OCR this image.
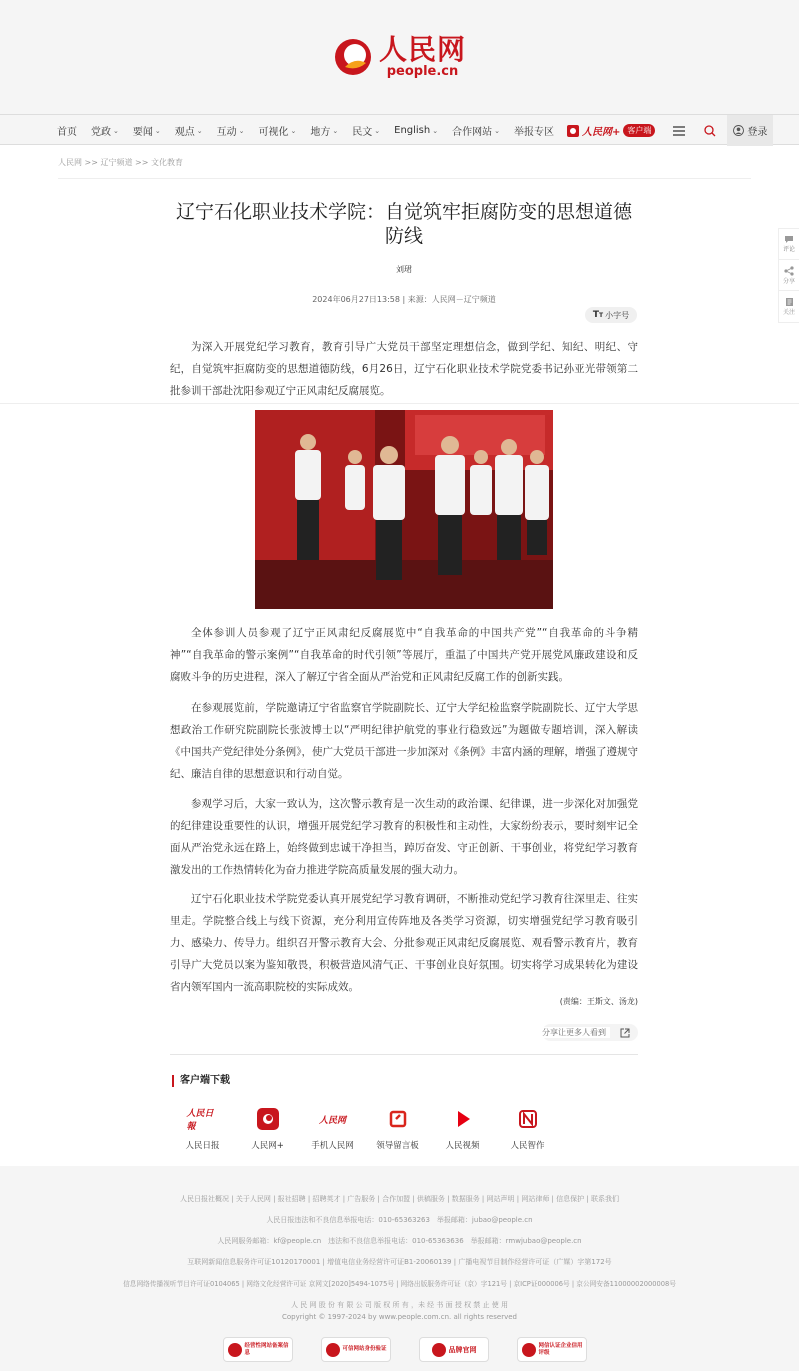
人民网
people.cn
首页 党政 ⌄ 要闻 ⌄ 观点 ⌄ 互动 ⌄ 可视化 ⌄ 地方 ⌄ 民文 ⌄ English ⌄ 合作网站 ⌄ 举报专区	人民网+ 客户端	登录
人民网 >> 辽宁频道 >> 文化教育
评论
分享
关注
辽宁石化职业技术学院：自觉筑牢拒腐防变的思想道德防线
刘珺
2024年06月27日13:58 | 来源：人民网－辽宁频道
TT 小字号

为深入开展党纪学习教育，教育引导广大党员干部坚定理想信念，做到学纪、知纪、明纪、守纪，自觉筑牢拒腐防变的思想道德防线，6月26日，辽宁石化职业技术学院党委书记孙亚光带领第二批参训干部赴沈阳参观辽宁正风肃纪反腐展览。

全体参训人员参观了辽宁正风肃纪反腐展览中“自我革命的中国共产党”“自我革命的斗争精神”“自我革命的警示案例”“自我革命的时代引领”等展厅，重温了中国共产党开展党风廉政建设和反腐败斗争的历史进程，深入了解辽宁省全面从严治党和正风肃纪反腐工作的创新实践。

在参观展览前，学院邀请辽宁省监察官学院副院长、辽宁大学纪检监察学院副院长、辽宁大学思想政治工作研究院副院长张波博士以“严明纪律护航党的事业行稳致远”为题做专题培训，深入解读《中国共产党纪律处分条例》，使广大党员干部进一步加深对《条例》丰富内涵的理解，增强了遵规守纪、廉洁自律的思想意识和行动自觉。

参观学习后，大家一致认为，这次警示教育是一次生动的政治课、纪律课，进一步深化对加强党的纪律建设重要性的认识，增强开展党纪学习教育的积极性和主动性，大家纷纷表示，要时刻牢记全面从严治党永远在路上，始终做到忠诚干净担当，踔厉奋发、守正创新、干事创业，将党纪学习教育激发出的工作热情转化为奋力推进学院高质量发展的强大动力。

辽宁石化职业技术学院党委认真开展党纪学习教育调研，不断推动党纪学习教育往深里走、往实里走。学院整合线上与线下资源，充分利用宣传阵地及各类学习资源，切实增强党纪学习教育吸引力、感染力、传导力。组织召开警示教育大会、分批参观正风肃纪反腐展览、观看警示教育片，教育引导广大党员以案为鉴知敬畏，积极营造风清气正、干事创业良好氛围。切实将学习成果转化为建设省内领军国内一流高职院校的实际成效。

(责编：王斯文、汤龙)
分享让更多人看到
客户端下载
人民日報
人民日报	人民网+
人民网
手机人民网	领导留言板	人民视频	人民智作
人民日报社概况 | 关于人民网 | 报社招聘 | 招聘英才 | 广告服务 | 合作加盟 | 供稿服务 | 数据服务 | 网站声明 | 网站律师 | 信息保护 | 联系我们
人民日报违法和不良信息举报电话：010-65363263　举报邮箱：jubao@people.cn
人民网服务邮箱：kf@people.cn　违法和不良信息举报电话：010-65363636　举报邮箱：rmwjubao@people.cn
互联网新闻信息服务许可证10120170001 | 增值电信业务经营许可证B1-20060139 | 广播电视节目制作经营许可证（广媒）字第172号
信息网络传播视听节目许可证0104065 | 网络文化经营许可证 京网文[2020]5494-1075号 | 网络出版服务许可证（京）字121号 | 京ICP证000006号 | 京公网安备11000002000008号
人 民 网 股 份 有 限 公 司 版 权 所 有 ，未 经 书 面 授 权 禁 止 使 用
Copyright © 1997-2024 by www.people.com.cn. all rights reserved
经营性网站备案信息
可信网站身份验证	品牌官网	网信认证企业信用评级
